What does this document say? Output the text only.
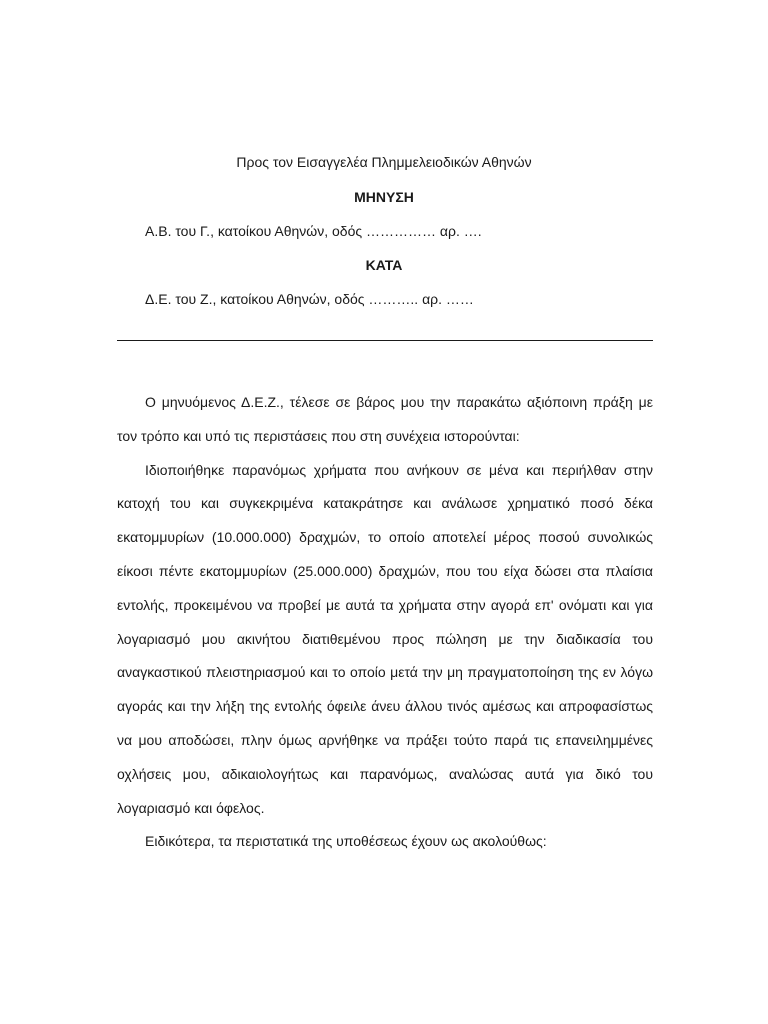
Προς τον Εισαγγελέα Πλημμελειοδικών Αθηνών
ΜΗΝΥΣΗ
Α.Β. του Γ., κατοίκου Αθηνών, οδός …………… αρ. ….
ΚΑΤΑ
Δ.Ε. του Ζ., κατοίκου Αθηνών, οδός ……….. αρ. ……

Ο μηνυόμενος Δ.Ε.Ζ., τέλεσε σε βάρος μου την παρακάτω αξιόποινη πράξη με τον τρόπο και υπό τις περιστάσεις που στη συνέχεια ιστορούνται:

Ιδιοποιήθηκε παρανόμως χρήματα που ανήκουν σε μένα και περιήλθαν στην κατοχή του και συγκεκριμένα κατακράτησε και ανάλωσε χρηματικό ποσό δέκα εκατομμυρίων (10.000.000) δραχμών, το οποίο αποτελεί μέρος ποσού συνολικώς είκοσι πέντε εκατομμυρίων (25.000.000) δραχμών, που του είχα δώσει στα πλαίσια εντολής, προκειμένου να προβεί με αυτά τα χρήματα στην αγορά επ' ονόματι και για λογαριασμό μου ακινήτου διατιθεμένου προς πώληση με την διαδικασία του αναγκαστικού πλειστηριασμού και το οποίο μετά την μη πραγματοποίηση της εν λόγω αγοράς και την λήξη της εντολής όφειλε άνευ άλλου τινός αμέσως και απροφασίστως να μου αποδώσει, πλην όμως αρνήθηκε να πράξει τούτο παρά τις επανειλημμένες οχλήσεις μου, αδικαιολογήτως και παρανόμως, αναλώσας αυτά για δικό του λογαριασμό και όφελος.

Ειδικότερα, τα περιστατικά της υποθέσεως έχουν ως ακολούθως:
